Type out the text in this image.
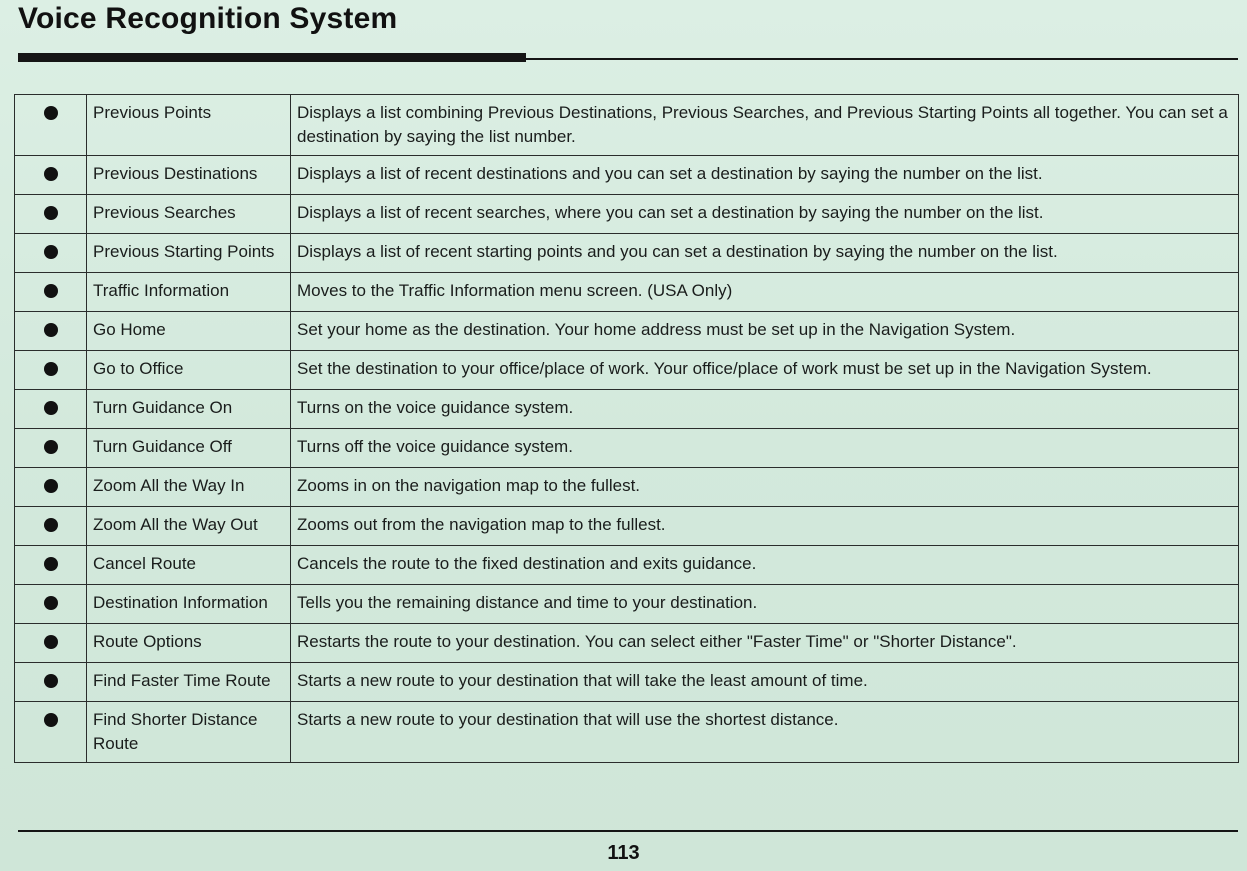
Voice Recognition System
	Previous Points	Displays a list combining Previous Destinations, Previous Searches, and Previous Starting Points all together. You can set a destination by saying the list number.
	Previous Destinations	Displays a list of recent destinations and you can set a destination by saying the number on the list.
	Previous Searches	Displays a list of recent searches, where you can set a destination by saying the number on the list.
	Previous Starting Points	Displays a list of recent starting points and you can set a destination by saying the number on the list.
	Traffic Information	Moves to the Traffic Information menu screen. (USA Only)
	Go Home	Set your home as the destination. Your home address must be set up in the Navigation System.
	Go to Office	Set the destination to your office/place of work. Your office/place of work must be set up in the Navigation System.
	Turn Guidance On	Turns on the voice guidance system.
	Turn Guidance Off	Turns off the voice guidance system.
	Zoom All the Way In	Zooms in on the navigation map to the fullest.
	Zoom All the Way Out	Zooms out from the navigation map to the fullest.
	Cancel Route	Cancels the route to the fixed destination and exits guidance.
	Destination Information	Tells you the remaining distance and time to your destination.
	Route Options	Restarts the route to your destination. You can select either "Faster Time" or "Shorter Distance".
	Find Faster Time Route	Starts a new route to your destination that will take the least amount of time.
	Find Shorter Distance Route	Starts a new route to your destination that will use the shortest distance.
113
